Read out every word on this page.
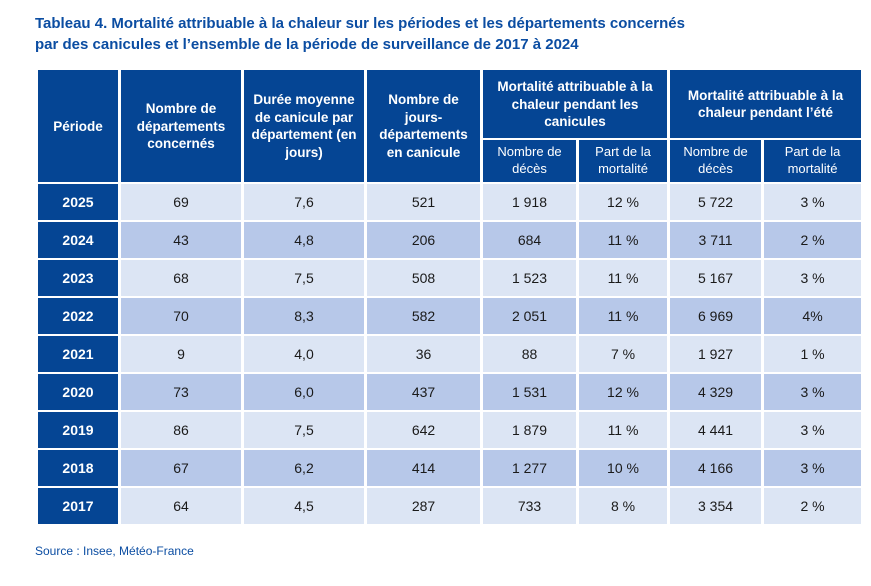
Tableau 4. Mortalité attribuable à la chaleur sur les périodes et les départements concernés
par des canicules et l’ensemble de la période de surveillance de 2017 à 2024
Période	Nombre de départements concernés	Durée moyenne de canicule par département (en jours)	Nombre de jours-départements en canicule	Mortalité attribuable à la chaleur pendant les canicules		Mortalité attribuable à la chaleur pendant l’été	
				Nombre de décès	Part de la mortalité	Nombre de décès	Part de la mortalité
2025	69	7,6	521	1 918	12 %	5 722	3 %
2024	43	4,8	206	684	11 %	3 711	2 %
2023	68	7,5	508	1 523	11 %	5 167	3 %
2022	70	8,3	582	2 051	11 %	6 969	4%
2021	9	4,0	36	88	7 %	1 927	1 %
2020	73	6,0	437	1 531	12 %	4 329	3 %
2019	86	7,5	642	1 879	11 %	4 441	3 %
2018	67	6,2	414	1 277	10 %	4 166	3 %
2017	64	4,5	287	733	8 %	3 354	2 %
Source : Insee, Météo-France
